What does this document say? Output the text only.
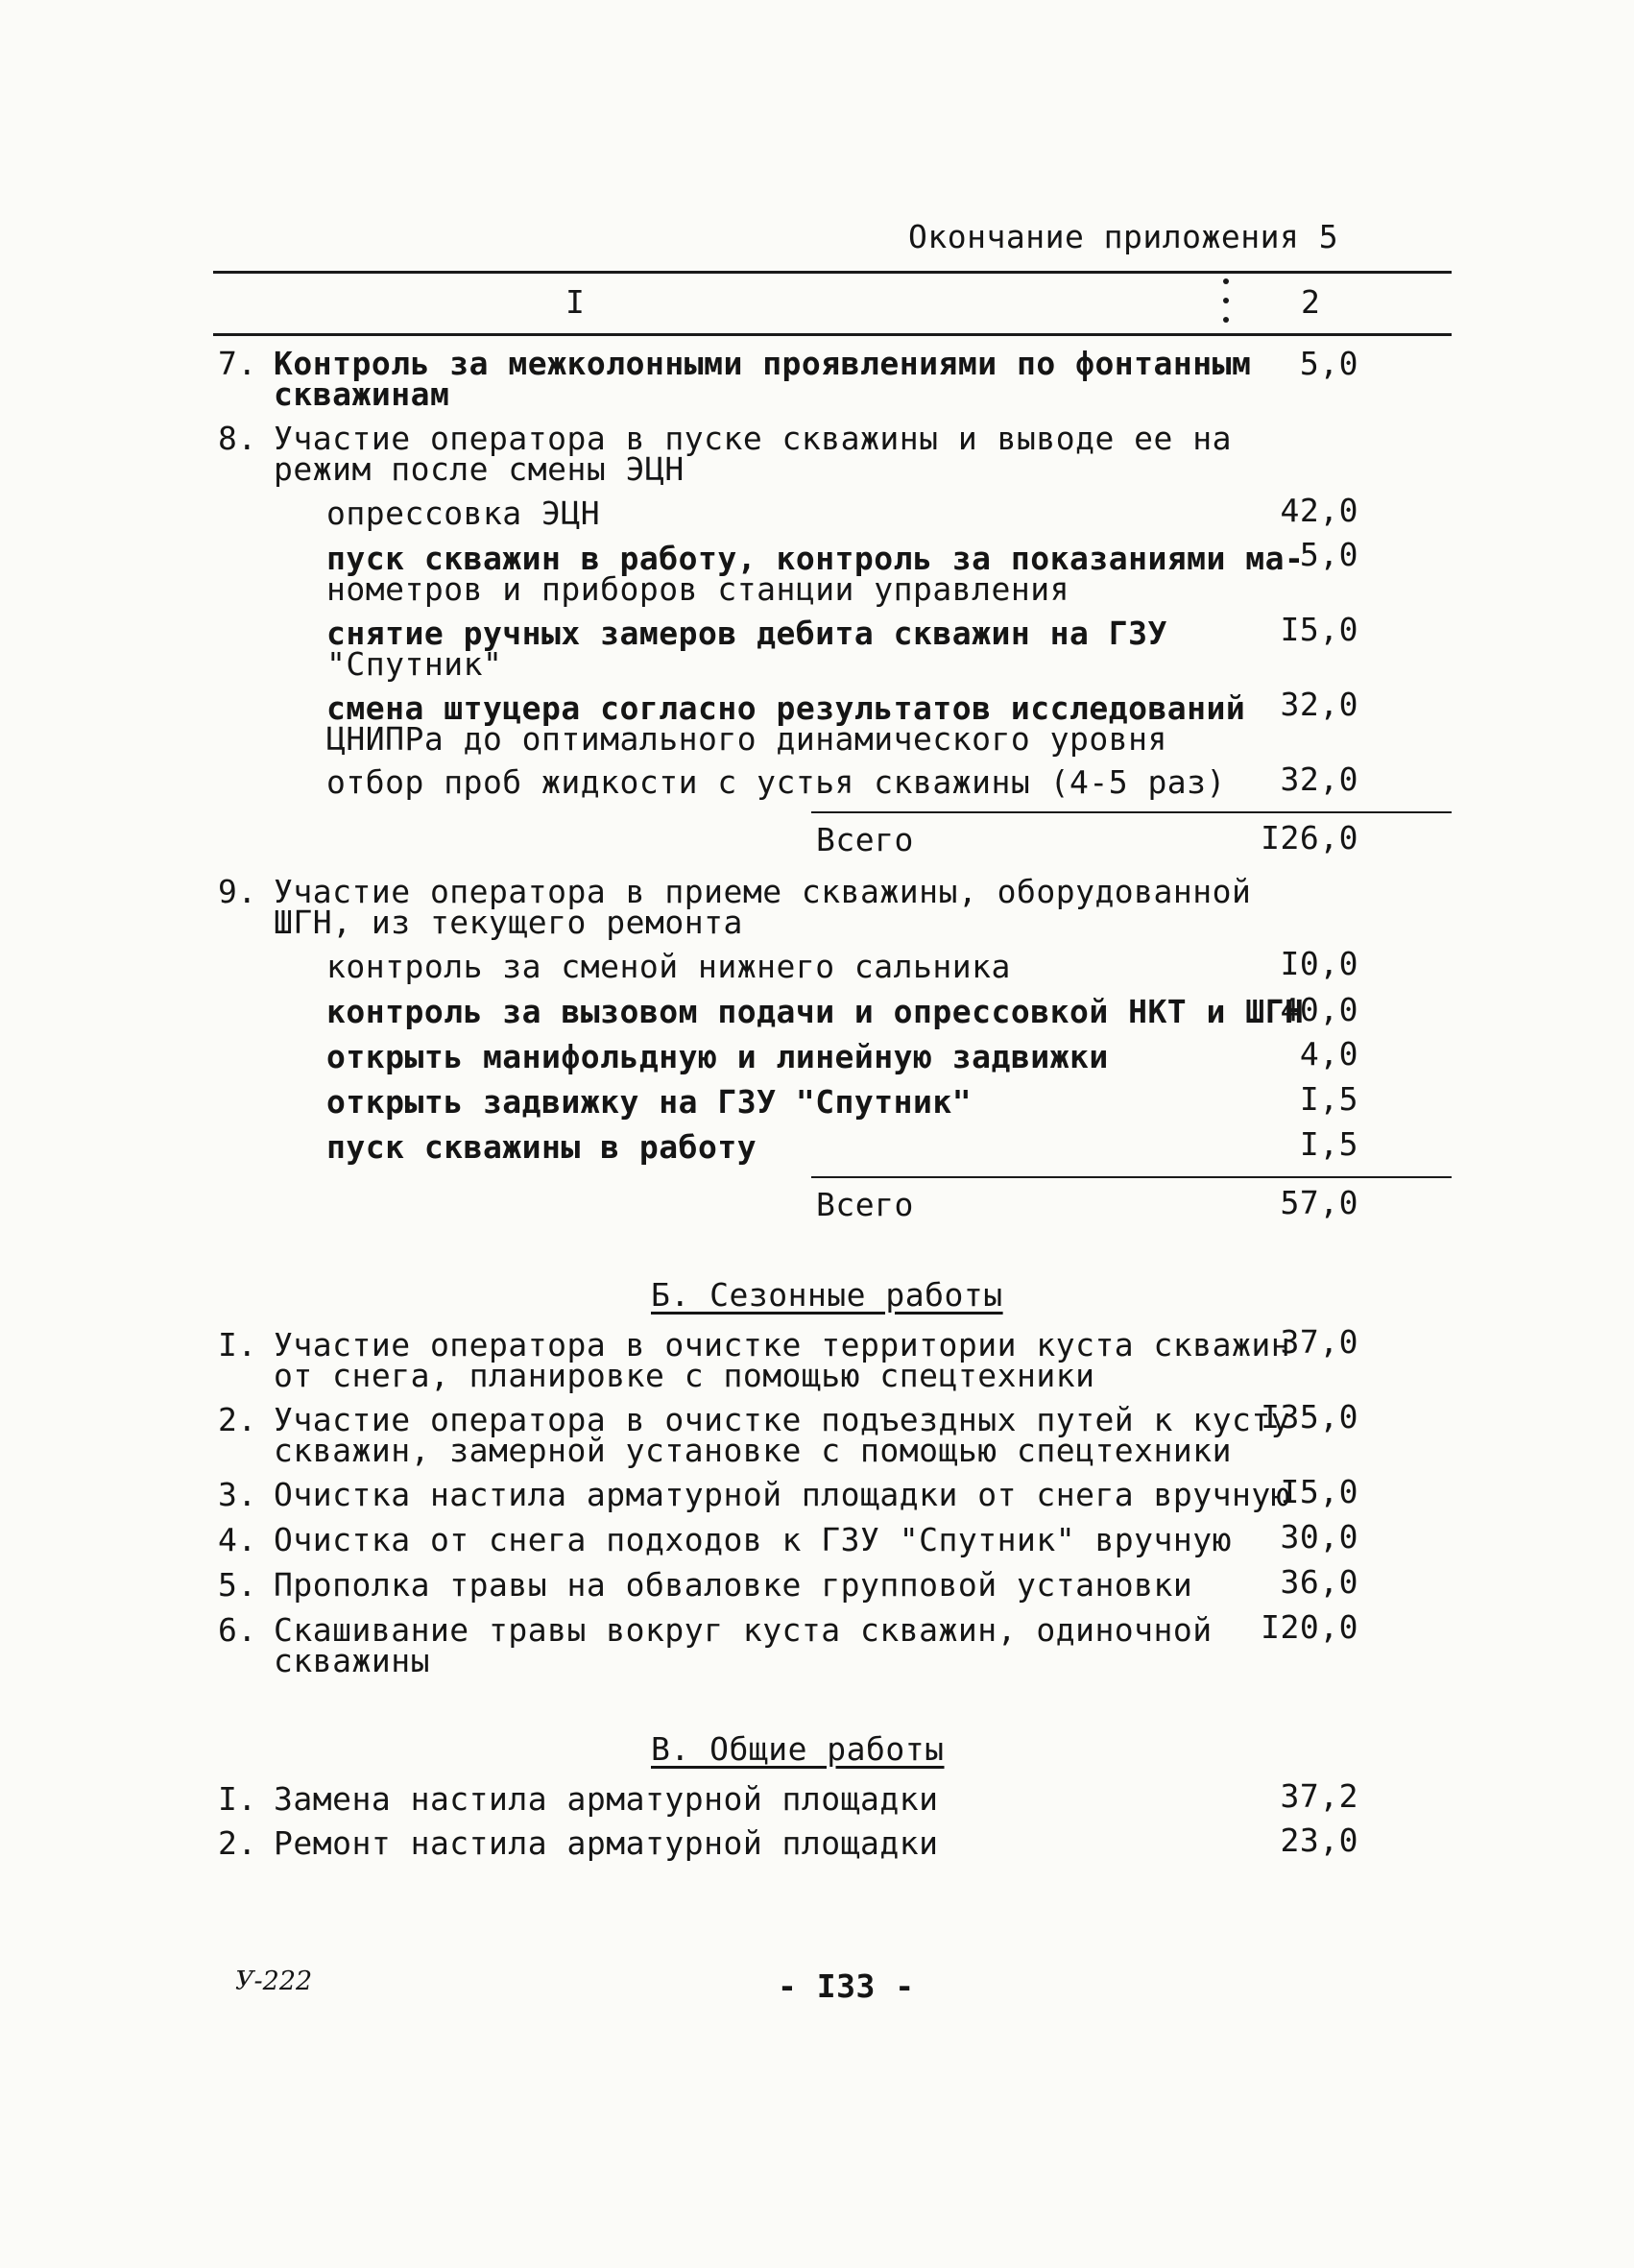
Окончание приложения 5
I	2
7. Контроль за межколонными проявлениями по фонтанным
скважинам
5,0
8. Участие оператора в пуске скважины и выводе ее на
режим после смены ЭЦН
опрессовка ЭЦН	42,0
пуск скважин в работу, контроль за показаниями ма-
нометров и приборов станции управления
5,0
снятие ручных замеров дебита скважин на ГЗУ
"Спутник"
I5,0
смена штуцера согласно результатов исследований
ЦНИПРа до оптимального динамического уровня
32,0
отбор проб жидкости с устья скважины (4-5 раз)	32,0
Всего	I26,0
9. Участие оператора в приеме скважины, оборудованной
ШГН, из текущего ремонта
контроль за сменой нижнего сальника	I0,0
контроль за вызовом подачи и опрессовкой НКТ и ШГН
40,0
открыть манифольдную и линейную задвижки	4,0
открыть задвижку на ГЗУ "Спутник"	I,5
пуск скважины в работу	I,5
Всего	57,0
Б. Сезонные работы
I. Участие оператора в очистке территории куста скважин
от снега, планировке с помощью спецтехники
37,0
2. Участие оператора в очистке подъездных путей к кусту
скважин, замерной установке с помощью спецтехники
I35,0
3. Очистка настила арматурной площадки от снега вручную
I5,0
4. Очистка от снега подходов к ГЗУ "Спутник" вручную	30,0
5. Прополка травы на обваловке групповой установки	36,0
6. Скашивание травы вокруг куста скважин, одиночной
скважины
I20,0
В. Общие работы
I. Замена настила арматурной площадки	37,2
2. Ремонт настила арматурной площадки	23,0
У-222	- I33 -
